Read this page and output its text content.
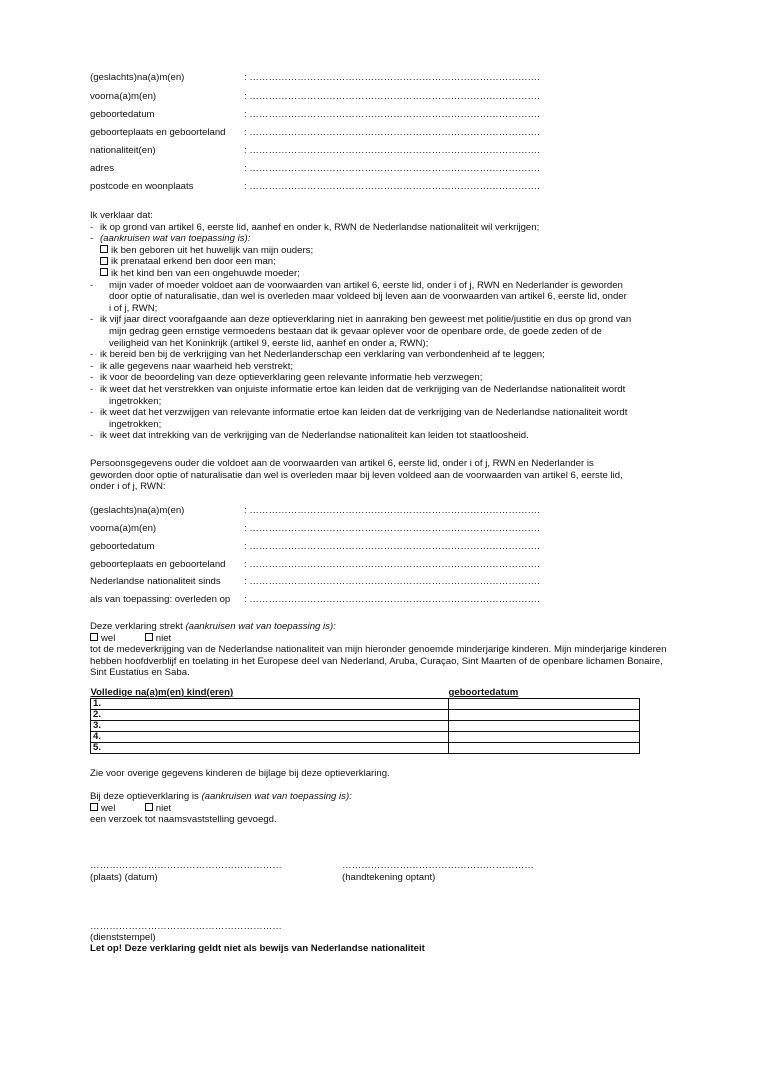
(geslachts)na(a)m(en)	: ……………………………………………………………………………….
voorna(a)m(en)	: ……………………………………………………………………………….
geboortedatum	: ……………………………………………………………………………….
geboorteplaats en geboorteland : ……………………………………………………………………………….
nationaliteit(en)	: ……………………………………………………………………………….
adres	: ……………………………………………………………………………….
postcode en woonplaats	: ……………………………………………………………………………….
Ik verklaar dat:
- ik op grond van artikel 6, eerste lid, aanhef en onder k, RWN de Nederlandse nationaliteit wil verkrijgen;
- (aankruisen wat van toepassing is):
ik ben geboren uit het huwelijk van mijn ouders;
ik prenataal erkend ben door een man;
ik het kind ben van een ongehuwde moeder;
- mijn vader of moeder voldoet aan de voorwaarden van artikel 6, eerste lid, onder i of j, RWN en Nederlander is geworden
door optie of naturalisatie, dan wel is overleden maar voldeed bij leven aan de voorwaarden van artikel 6, eerste lid, onder
i of j, RWN;
- ik vijf jaar direct voorafgaande aan deze optieverklaring niet in aanraking ben geweest met politie/justitie en dus op grond van
mijn gedrag geen ernstige vermoedens bestaan dat ik gevaar oplever voor de openbare orde, de goede zeden of de
veiligheid van het Koninkrijk (artikel 9, eerste lid, aanhef en onder a, RWN);
- ik bereid ben bij de verkrijging van het Nederlanderschap een verklaring van verbondenheid af te leggen;
- ik alle gegevens naar waarheid heb verstrekt;
- ik voor de beoordeling van deze optieverklaring geen relevante informatie heb verzwegen;
- ik weet dat het verstrekken van onjuiste informatie ertoe kan leiden dat de verkrijging van de Nederlandse nationaliteit wordt
ingetrokken;
- ik weet dat het verzwijgen van relevante informatie ertoe kan leiden dat de verkrijging van de Nederlandse nationaliteit wordt
ingetrokken;
- ik weet dat intrekking van de verkrijging van de Nederlandse nationaliteit kan leiden tot staatloosheid.
Persoonsgegevens ouder die voldoet aan de voorwaarden van artikel 6, eerste lid, onder i of j, RWN en Nederlander is
geworden door optie of naturalisatie dan wel is overleden maar bij leven voldeed aan de voorwaarden van artikel 6, eerste lid,
onder i of j, RWN:
(geslachts)na(a)m(en)	: ……………………………………………………………………………….
voorna(a)m(en)	: ……………………………………………………………………………….
geboortedatum	: ……………………………………………………………………………….
geboorteplaats en geboorteland : ……………………………………………………………………………….
Nederlandse nationaliteit sinds : ……………………………………………………………………………….
als van toepassing: overleden op : ……………………………………………………………………………….
Deze verklaring strekt (aankruisen wat van toepassing is):
wel	niet
tot de medeverkrijging van de Nederlandse nationaliteit van mijn hieronder genoemde minderjarige kinderen. Mijn minderjarige kinderen
hebben hoofdverblijf en toelating in het Europese deel van Nederland, Aruba, Curaçao, Sint Maarten of de openbare lichamen Bonaire,
Sint Eustatius en Saba.
Volledige na(a)m(en) kind(eren)	geboortedatum
1.	
2.	
3.	
4.	
5.	
Zie voor overige gegevens kinderen de bijlage bij deze optieverklaring.
Bij deze optieverklaring is (aankruisen wat van toepassing is):
wel	niet
een verzoek tot naamsvaststelling gevoegd.
……………………………………………………
(plaats) (datum)
……………………………………………………
(handtekening optant)
……………………………………………………
(dienststempel)
Let op! Deze verklaring geldt niet als bewijs van Nederlandse nationaliteit
